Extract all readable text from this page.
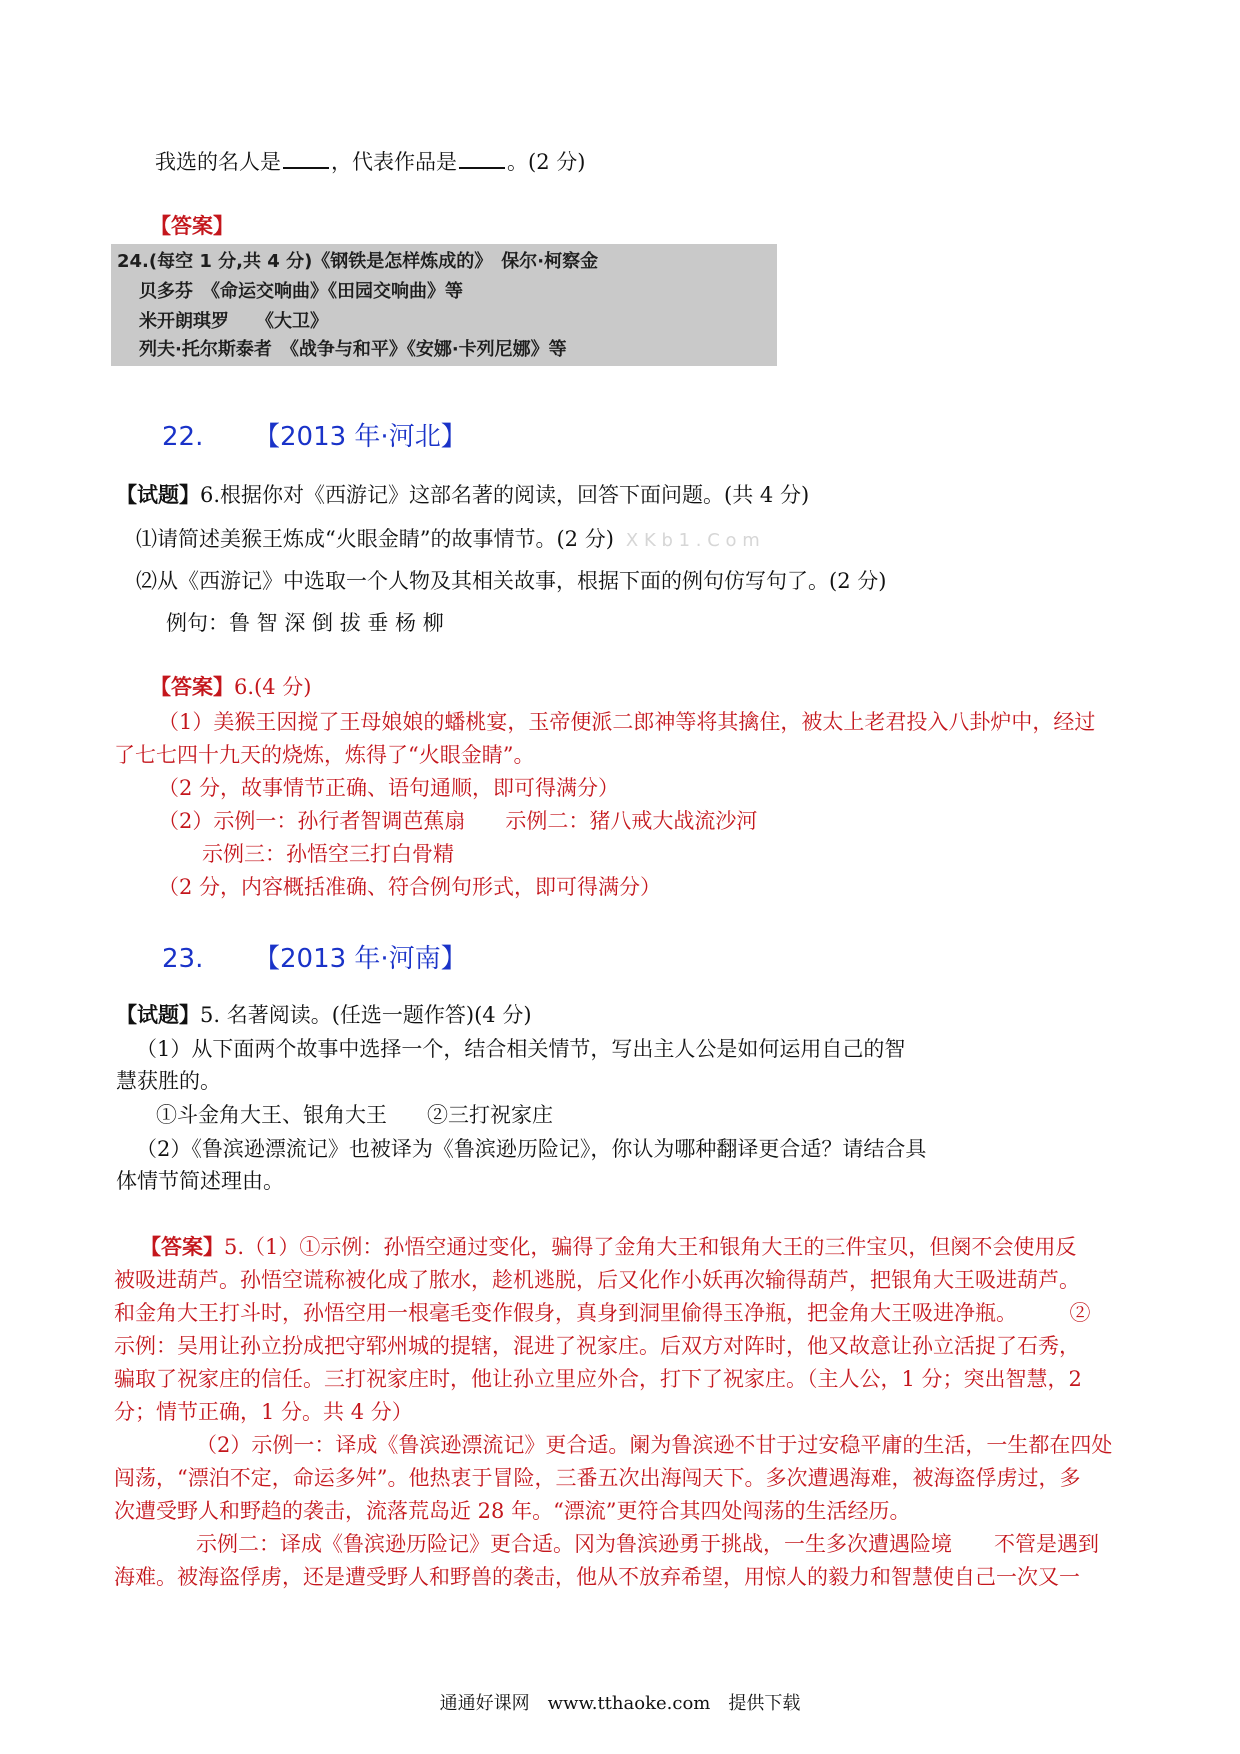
我选的名人是 ，代表作品是 。(2 分)
【答案】
24.(每空 1 分,共 4 分)《钢铁是怎样炼成的》　保尔·柯察金
贝多芬　《命运交响曲》《田园交响曲》等
米开朗琪罗　　《大卫》
列夫·托尔斯泰者　《战争与和平》《安娜·卡列尼娜》等
22. 【2013 年·河北】
【试题】6.根据你对《西游记》这部名著的阅读，回答下面问题。(共 4 分)
⑴请简述美猴王炼成“火眼金睛”的故事情节。(2 分) X K b 1 . C o m
⑵从《西游记》中选取一个人物及其相关故事，根据下面的例句仿写句了。(2 分)
例句：鲁 智 深 倒 拔 垂 杨 柳
【答案】6.(4 分)
（1）美猴王因搅了王母娘娘的蟠桃宴，玉帝便派二郎神等将其擒住，被太上老君投入八卦炉中，经过
了七七四十九天的烧炼，炼得了“火眼金睛”。
（2 分，故事情节正确、语句通顺，即可得满分）
（2）示例一：孙行者智调芭蕉扇 示例二：猪八戒大战流沙河
示例三：孙悟空三打白骨精
（2 分，内容概括准确、符合例句形式，即可得满分）
23. 【2013 年·河南】
【试题】5. 名著阅读。(任选一题作答)(4 分)
（1）从下面两个故事中选择一个，结合相关情节，写出主人公是如何运用自己的智
慧获胜的。
①斗金角大王、银角大王 ②三打祝家庄
（2）《鲁滨逊漂流记》也被译为《鲁滨逊历险记》，你认为哪种翻译更合适？请结合具
体情节简述理由。
【答案】5.（1）①示例：孙悟空通过变化，骗得了金角大王和银角大王的三件宝贝，但阕不会使用反
被吸进葫芦。孙悟空谎称被化成了脓水，趁机逃脱，后又化作小妖再次输得葫芦，把银角大王吸进葫芦。
和金角大王打斗时，孙悟空用一根毫毛变作假身，真身到洞里偷得玉净瓶，把金角大王吸进净瓶。　　　②
示例：吴用让孙立扮成把守郓州城的提辖，混进了祝家庄。后双方对阵时，他又故意让孙立活捉了石秀，
骗取了祝家庄的信任。三打祝家庄时，他让孙立里应外合，打下了祝家庄。（主人公，1 分；突出智慧，2
分；情节正确，1 分。共 4 分）
（2）示例一：译成《鲁滨逊漂流记》更合适。阑为鲁滨逊不甘于过安稳平庸的生活，一生都在四处
闯荡，“漂泊不定，命运多舛”。他热衷于冒险，三番五次出海闯天下。多次遭遇海难，被海盗俘虏过，多
次遭受野人和野趋的袭击，流落荒岛近 28 年。“漂流”更符合其四处闯荡的生活经历。
示例二：译成《鲁滨逊历险记》更合适。冈为鲁滨逊勇于挑战，一生多次遭遇险境　　不管是遇到
海难。被海盗俘虏，还是遭受野人和野兽的袭击，他从不放弃希望，用惊人的毅力和智慧使自己一次又一
通通好课网　www.tthaoke.com　提供下载
